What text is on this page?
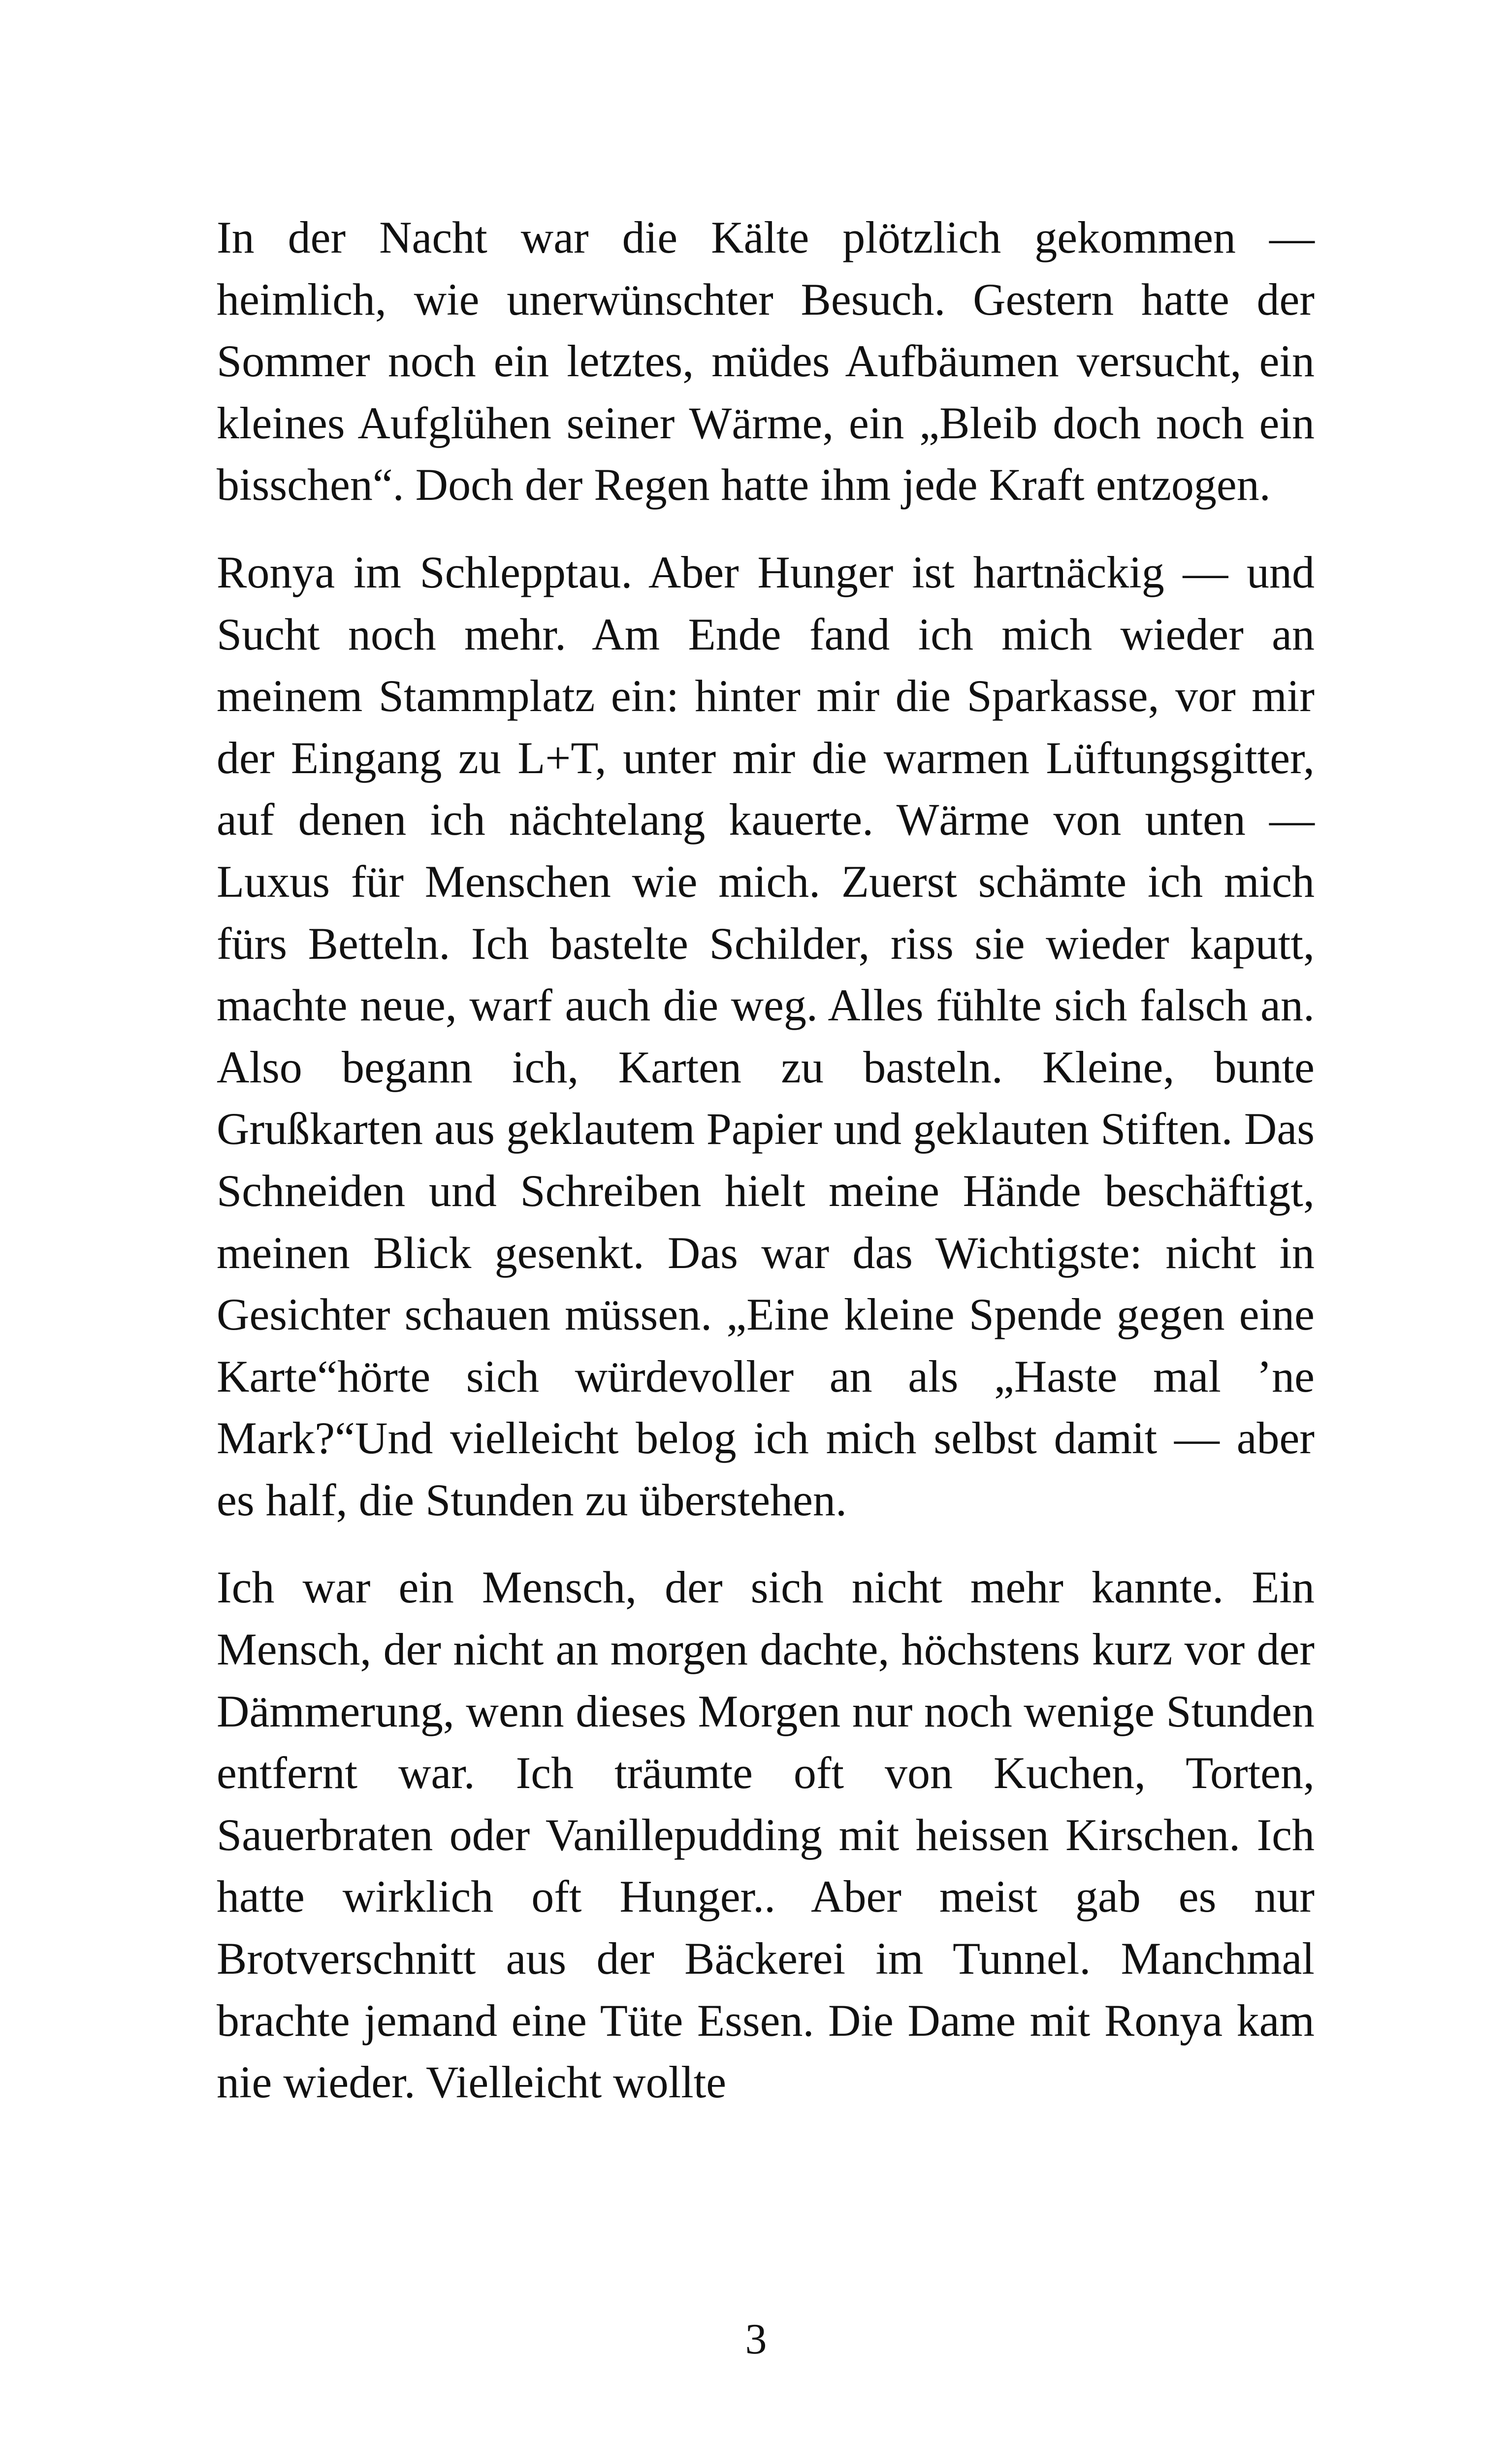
In der Nacht war die Kälte plötzlich gekommen — heimlich, wie unerwünschter Besuch. Gestern hatte der Sommer noch ein letztes, müdes Aufbäumen versucht, ein kleines Aufglühen seiner Wärme, ein „Bleib doch noch ein bisschen“. Doch der Regen hatte ihm jede Kraft entzogen.

Ronya im Schlepptau. Aber Hunger ist hartnäckig — und Sucht noch mehr. Am Ende fand ich mich wieder an meinem Stammplatz ein: hinter mir die Sparkasse, vor mir der Eingang zu L+T, unter mir die warmen Lüftungsgitter, auf denen ich nächtelang kauerte. Wärme von unten — Luxus für Menschen wie mich. Zuerst schämte ich mich fürs Betteln. Ich bastelte Schilder, riss sie wieder kaputt, machte neue, warf auch die weg. Alles fühlte sich falsch an. Also begann ich, Karten zu basteln. Kleine, bunte Grußkarten aus geklautem Papier und geklauten Stiften. Das Schneiden und Schreiben hielt meine Hände beschäftigt, meinen Blick gesenkt. Das war das Wichtigste: nicht in Gesichter schauen müssen. „Eine kleine Spende gegen eine Karte“hörte sich würdevoller an als „Haste mal ’ne Mark?“Und vielleicht belog ich mich selbst damit — aber es half, die Stunden zu überstehen.

Ich war ein Mensch, der sich nicht mehr kannte. Ein Mensch, der nicht an morgen dachte, höchstens kurz vor der Dämmerung, wenn dieses Morgen nur noch wenige Stunden entfernt war. Ich träumte oft von Kuchen, Torten, Sauerbraten oder Vanillepudding mit heissen Kirschen. Ich hatte wirklich oft Hunger.. Aber meist gab es nur Brotverschnitt aus der Bäckerei im Tunnel. Manchmal brachte jemand eine Tüte Essen. Die Dame mit Ronya kam nie wieder. Vielleicht wollte

3
